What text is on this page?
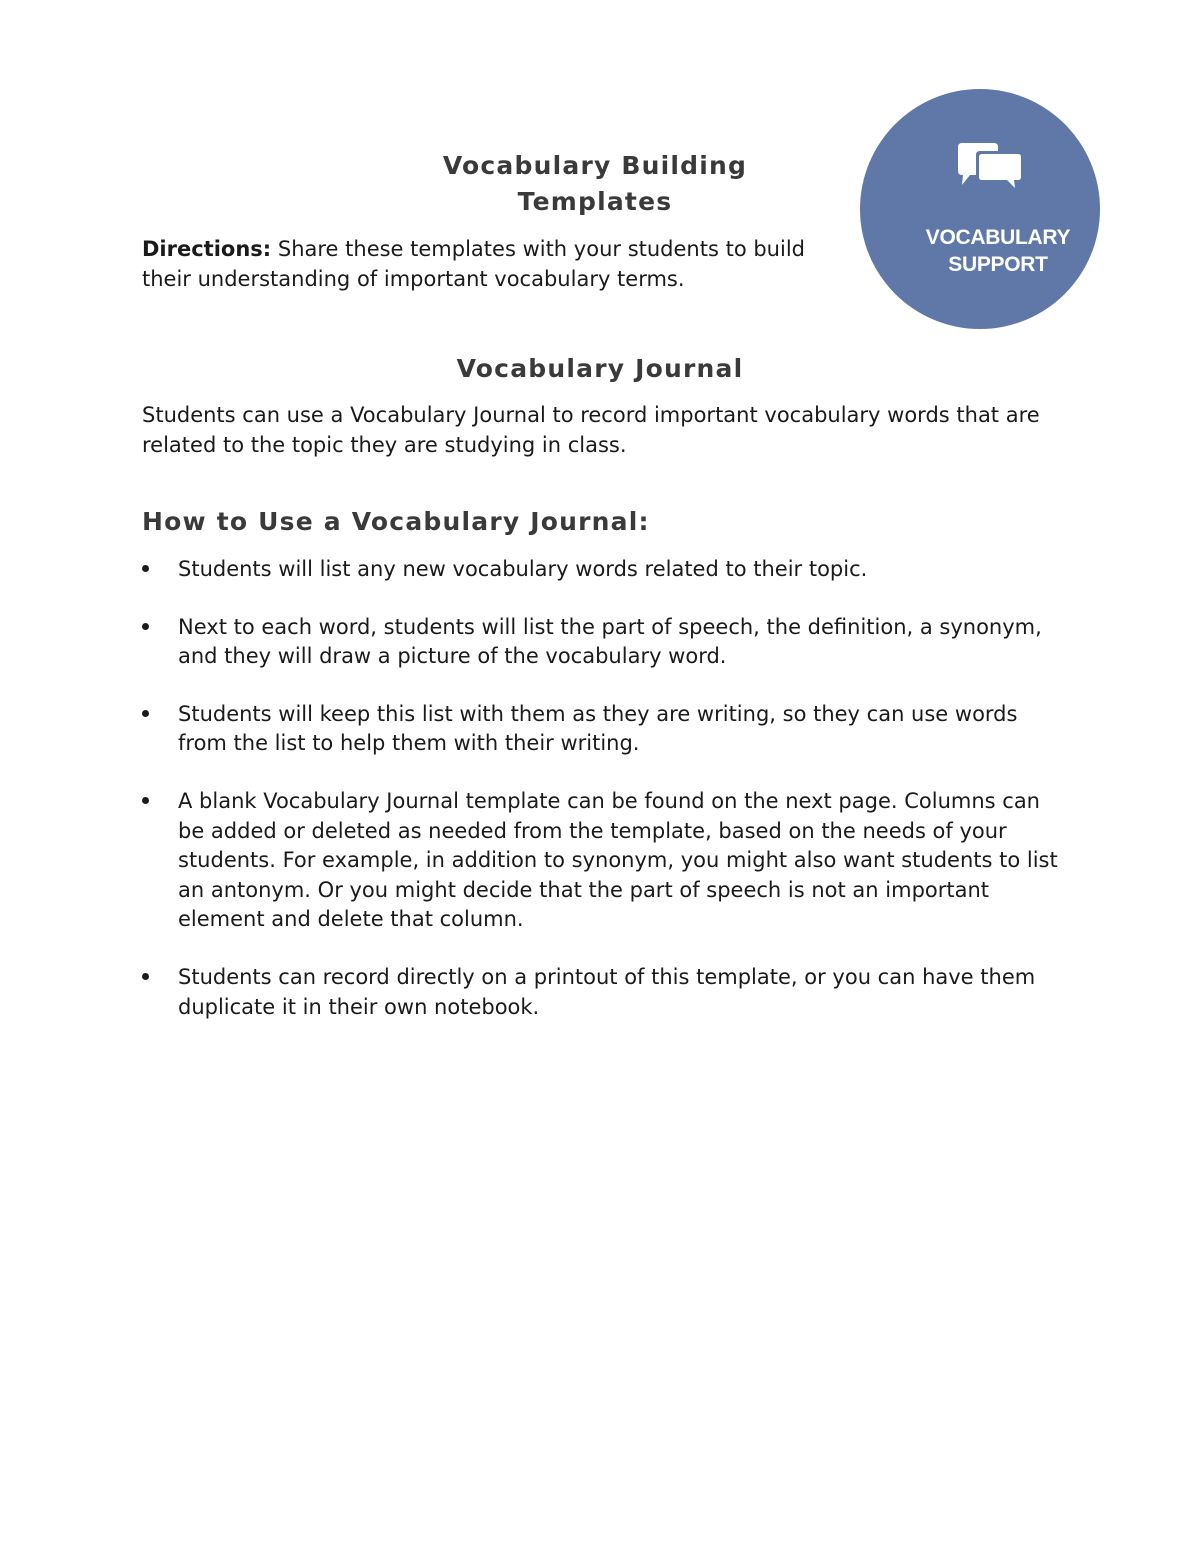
Vocabulary Building
Templates

Directions: Share these templates with your students to build their understanding of important vocabulary terms.

VOCABULARY
SUPPORT
Vocabulary Journal

Students can use a Vocabulary Journal to record important vocabulary words that are related to the topic they are studying in class.

How to Use a Vocabulary Journal:
Students will list any new vocabulary words related to their topic.
Next to each word, students will list the part of speech, the definition, a synonym, and they will draw a picture of the vocabulary word.
Students will keep this list with them as they are writing, so they can use words from the list to help them with their writing.
A blank Vocabulary Journal template can be found on the next page. Columns can be added or deleted as needed from the template, based on the needs of your students. For example, in addition to synonym, you might also want students to list an antonym. Or you might decide that the part of speech is not an important element and delete that column.
Students can record directly on a printout of this template, or you can have them duplicate it in their own notebook.
